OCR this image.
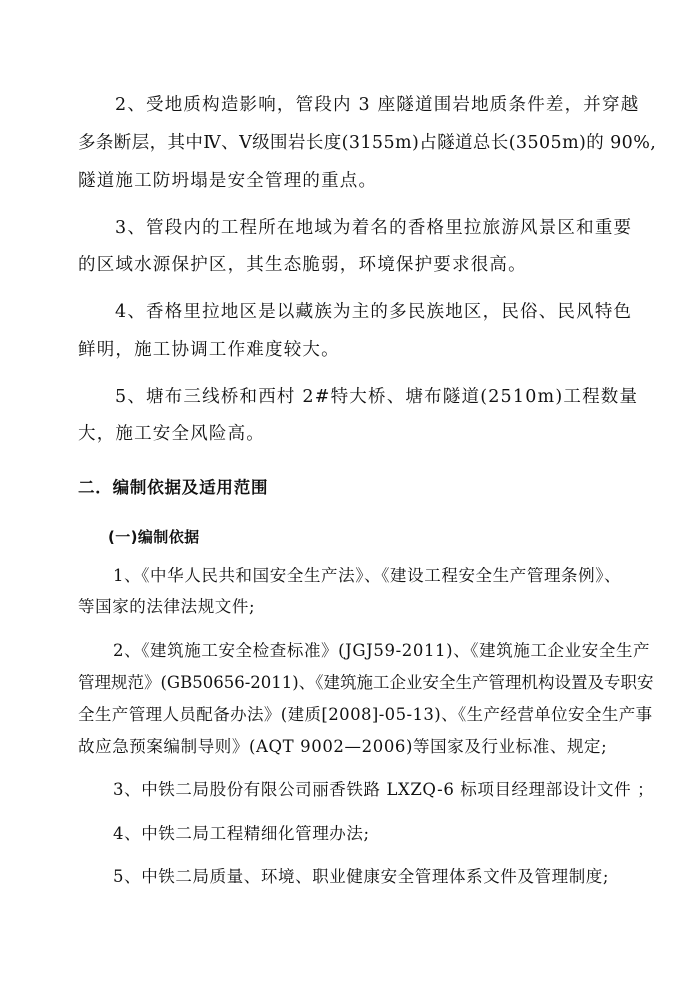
2、受地质构造影响，管段内 3 座隧道围岩地质条件差，并穿越
多条断层，其中Ⅳ、Ⅴ级围岩长度(3155m)占隧道总长(3505m)的 90%,
隧道施工防坍塌是安全管理的重点。
3、管段内的工程所在地域为着名的香格里拉旅游风景区和重要
的区域水源保护区，其生态脆弱，环境保护要求很高。
4、香格里拉地区是以藏族为主的多民族地区，民俗、民风特色
鲜明，施工协调工作难度较大。
5、塘布三线桥和西村 2#特大桥、塘布隧道(2510m)工程数量
大，施工安全风险高。
二．编制依据及适用范围
(一)编制依据
1、《中华人民共和国安全生产法》、《建设工程安全生产管理条例》、
等国家的法律法规文件;
2、《建筑施工安全检查标准》(JGJ59-2011)、《建筑施工企业安全生产
管理规范》(GB50656-2011)、《建筑施工企业安全生产管理机构设置及专职安
全生产管理人员配备办法》(建质[2008]-05-13)、《生产经营单位安全生产事
故应急预案编制导则》(AQT 9002—2006)等国家及行业标准、规定;
3、中铁二局股份有限公司丽香铁路 LXZQ-6 标项目经理部设计文件 ；
4、中铁二局工程精细化管理办法;
5、中铁二局质量、环境、职业健康安全管理体系文件及管理制度;
